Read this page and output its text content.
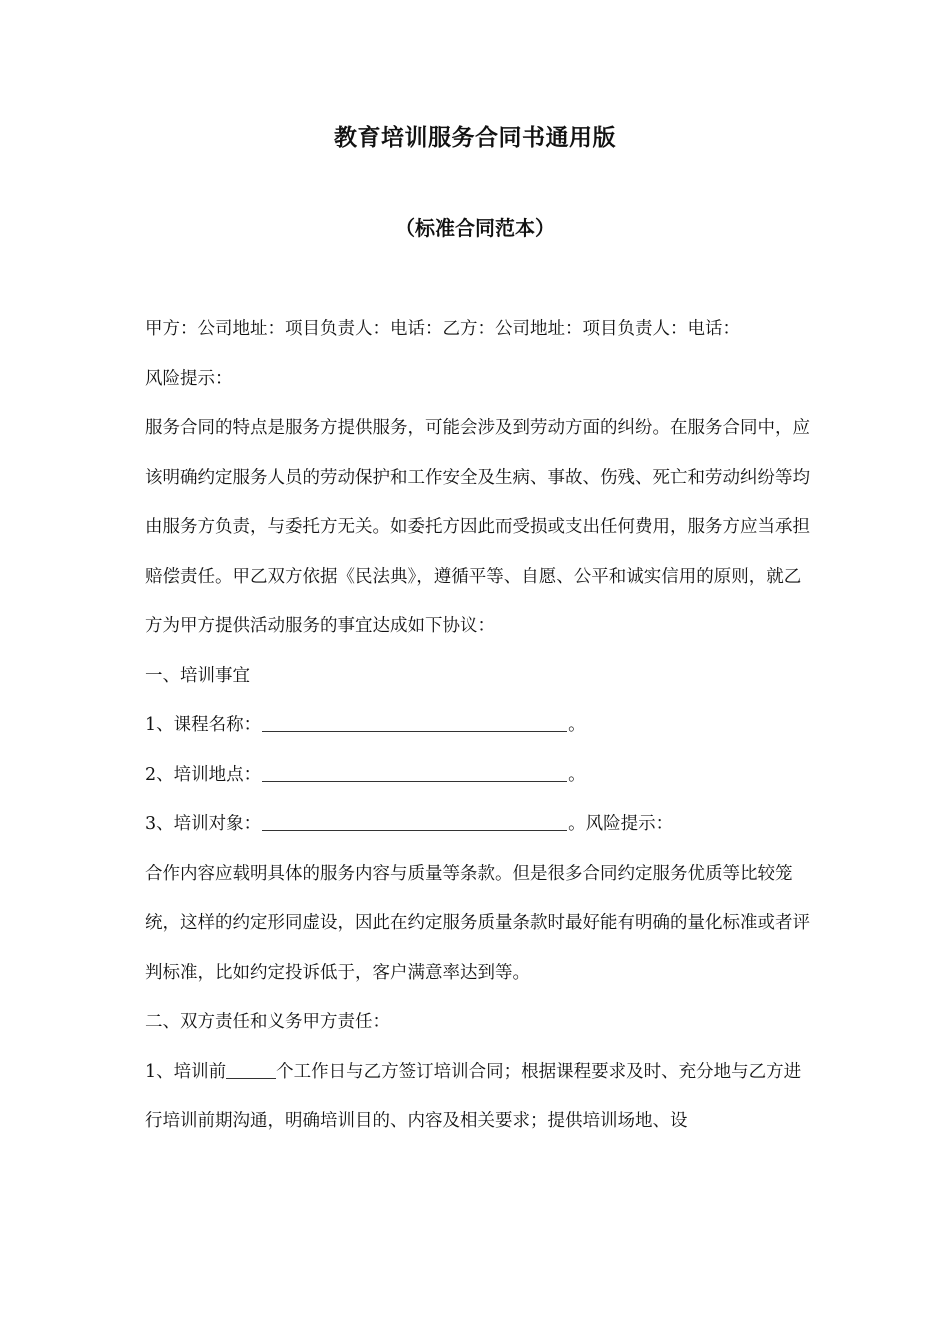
教育培训服务合同书通用版
（标准合同范本）

甲方：公司地址：项目负责人：电话：乙方：公司地址：项目负责人：电话：

风险提示：

服务合同的特点是服务方提供服务，可能会涉及到劳动方面的纠纷。在服务合同中，应该明确约定服务人员的劳动保护和工作安全及生病、事故、伤残、死亡和劳动纠纷等均由服务方负责，与委托方无关。如委托方因此而受损或支出任何费用，服务方应当承担赔偿责任。甲乙双方依据《民法典》，遵循平等、自愿、公平和诚实信用的原则，就乙方为甲方提供活动服务的事宜达成如下协议：

一、培训事宜

1、课程名称：	。

2、培训地点：	。

3、培训对象：	。风险提示：

合作内容应载明具体的服务内容与质量等条款。但是很多合同约定服务优质等比较笼统，这样的约定形同虚设，因此在约定服务质量条款时最好能有明确的量化标准或者评判标准，比如约定投诉低于，客户满意率达到等。

二、双方责任和义务甲方责任：

1、培训前	个工作日与乙方签订培训合同；根据课程要求及时、充分地与乙方进行培训前期沟通，明确培训目的、内容及相关要求；提供培训场地、设
